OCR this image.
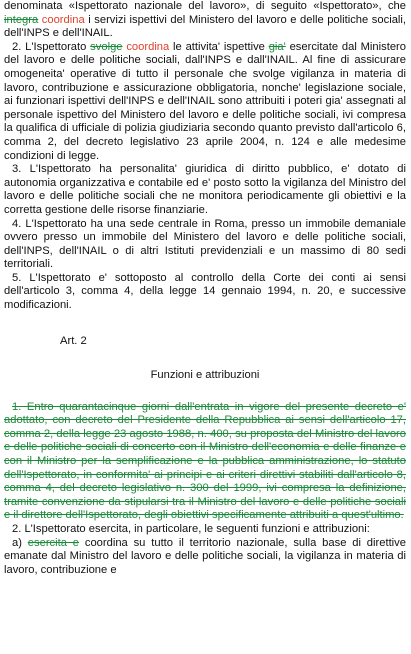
denominata «Ispettorato nazionale del lavoro», di seguito «Ispettorato», che integra coordina i servizi ispettivi del Ministero del lavoro e delle politiche sociali, dell'INPS e dell'INAIL.

2. L'Ispettorato svolge coordina le attivita' ispettive gia' esercitate dal Ministero del lavoro e delle politiche sociali, dall'INPS e dall'INAIL. Al fine di assicurare omogeneita' operative di tutto il personale che svolge vigilanza in materia di lavoro, contribuzione e assicurazione obbligatoria, nonche' legislazione sociale, ai funzionari ispettivi dell'INPS e dell'INAIL sono attribuiti i poteri gia' assegnati al personale ispettivo del Ministero del lavoro e delle politiche sociali, ivi compresa la qualifica di ufficiale di polizia giudiziaria secondo quanto previsto dall'articolo 6, comma 2, del decreto legislativo 23 aprile 2004, n. 124 e alle medesime condizioni di legge.

3. L'Ispettorato ha personalita' giuridica di diritto pubblico, e' dotato di autonomia organizzativa e contabile ed e' posto sotto la vigilanza del Ministro del lavoro e delle politiche sociali che ne monitora periodicamente gli obiettivi e la corretta gestione delle risorse finanziarie.

4. L'Ispettorato ha una sede centrale in Roma, presso un immobile demaniale ovvero presso un immobile del Ministero del lavoro e delle politiche sociali, dell'INPS, dell'INAIL o di altri Istituti previdenziali e un massimo di 80 sedi territoriali.

5. L'Ispettorato e' sottoposto al controllo della Corte dei conti ai sensi dell'articolo 3, comma 4, della legge 14 gennaio 1994, n. 20, e successive modificazioni.

Art. 2
Funzioni e attribuzioni

1. Entro quarantacinque giorni dall'entrata in vigore del presente decreto e' adottato, con decreto del Presidente della Repubblica ai sensi dell'articolo 17, comma 2, della legge 23 agosto 1988, n. 400, su proposta del Ministro del lavoro e delle politiche sociali di concerto con il Ministro dell'economia e delle finanze e con il Ministro per la semplificazione e la pubblica amministrazione, lo statuto dell'Ispettorato, in conformita' ai principi e ai criteri direttivi stabiliti dall'articolo 8, comma 4, del decreto legislativo n. 300 del 1999, ivi compresa la definizione, tramite convenzione da stipularsi tra il Ministro del lavoro e delle politiche sociali e il direttore dell'Ispettorato, degli obiettivi specificamente attribuiti a quest'ultimo.

2. L'Ispettorato esercita, in particolare, le seguenti funzioni e attribuzioni:

a) esercita e coordina su tutto il territorio nazionale, sulla base di direttive emanate dal Ministro del lavoro e delle politiche sociali, la vigilanza in materia di lavoro, contribuzione e
